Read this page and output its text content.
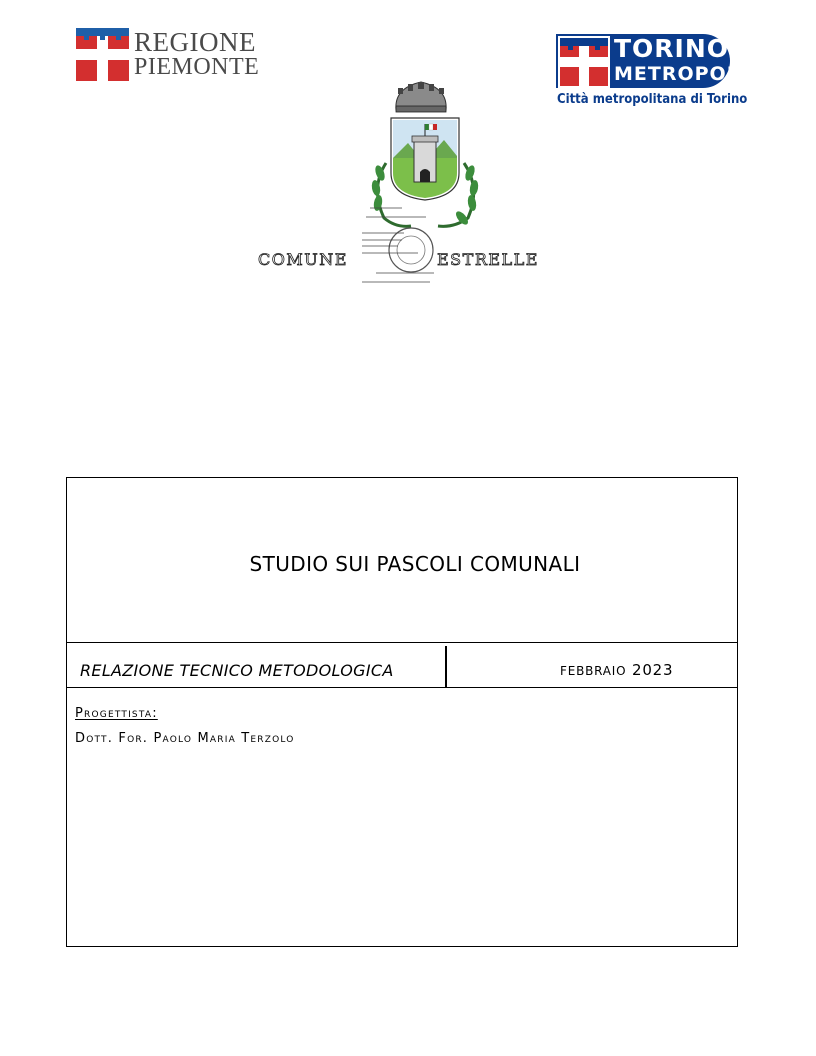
REGIONE
PIEMONTE
TORINO
METROPOLI
Città metropolitana di Torino
COMUNE	ESTRELLE
STUDIO SUI PASCOLI COMUNALI
RELAZIONE TECNICO METODOLOGICA	FEBBRAIO 2023
Progettista:
Dott. For. Paolo Maria Terzolo
